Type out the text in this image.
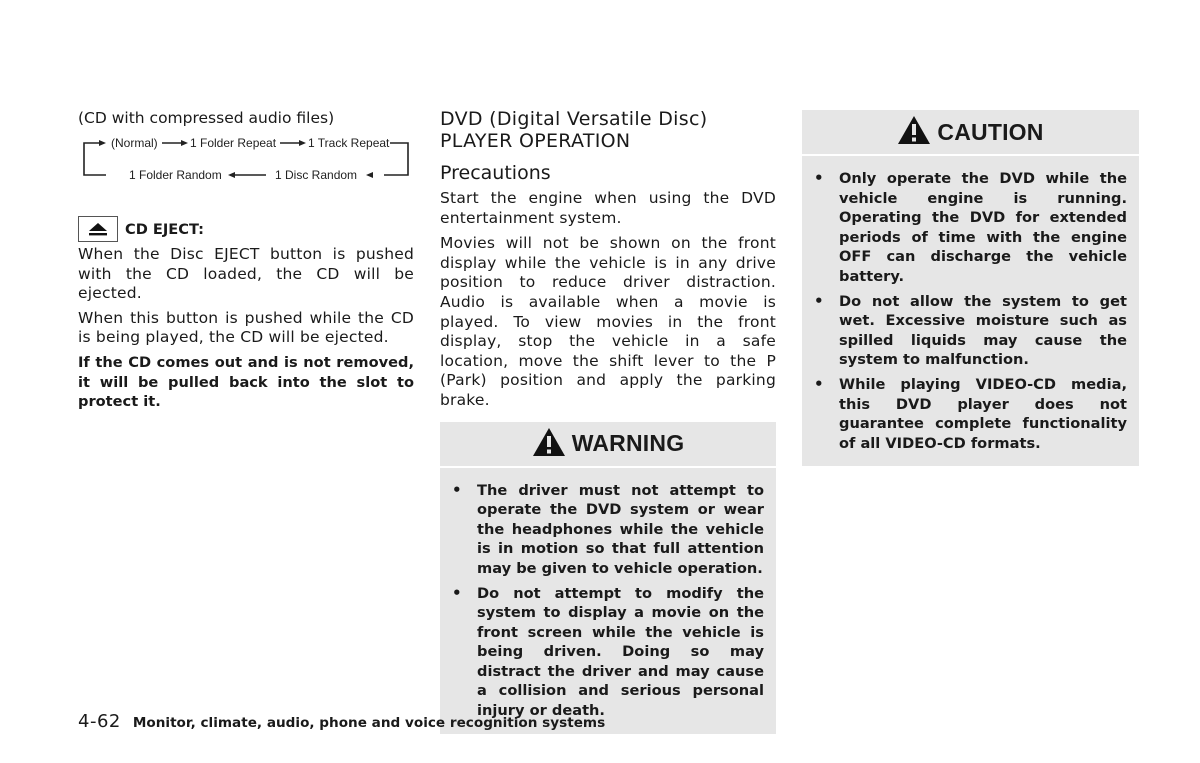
(CD with compressed audio files)

(Normal)	1 Folder Repeat	1 Track Repeat
1 Folder Random	1 Disc Random
CD EJECT:

When the Disc EJECT button is pushed with the CD loaded, the CD will be ejected.

When this button is pushed while the CD is being played, the CD will be ejected.

If the CD comes out and is not removed, it will be pulled back into the slot to protect it.

DVD (Digital Versatile Disc) PLAYER OPERATION

Precautions

Start the engine when using the DVD entertainment system.

Movies will not be shown on the front display while the vehicle is in any drive position to reduce driver distraction. Audio is available when a movie is played. To view movies in the front display, stop the vehicle in a safe location, move the shift lever to the P (Park) position and apply the parking brake.

WARNING
• The driver must not attempt to operate the DVD system or wear the headphones while the vehicle is in motion so that full attention may be given to vehicle operation.
• Do not attempt to modify the system to display a movie on the front screen while the vehicle is being driven. Doing so may distract the driver and may cause a collision and serious personal injury or death.
CAUTION
• Only operate the DVD while the vehicle engine is running. Operating the DVD for extended periods of time with the engine OFF can discharge the vehicle battery.
• Do not allow the system to get wet. Excessive moisture such as spilled liquids may cause the system to malfunction.
• While playing VIDEO-CD media, this DVD player does not guarantee complete functionality of all VIDEO-CD formats.
4-62 Monitor, climate, audio, phone and voice recognition systems
